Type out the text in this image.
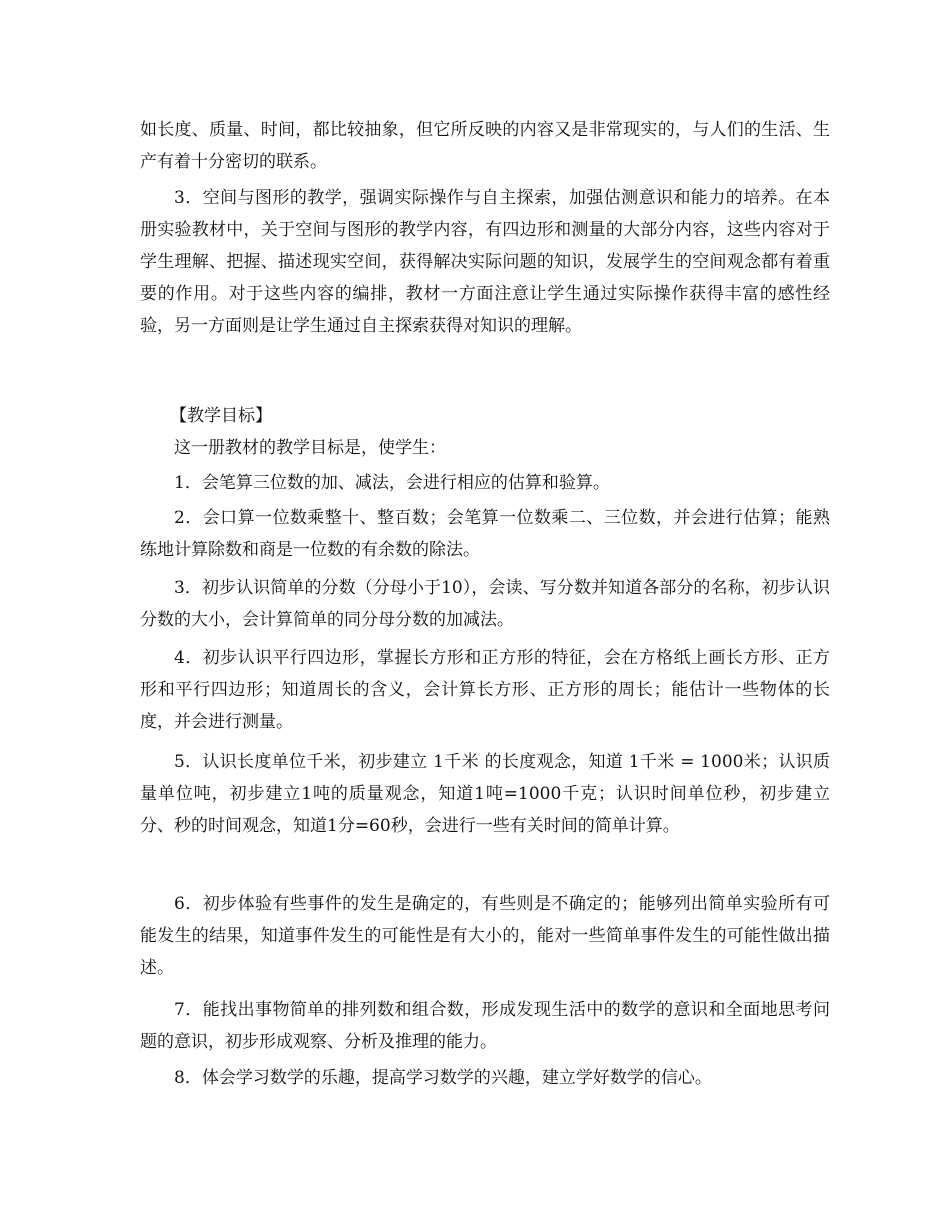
如长度、质量、时间，都比较抽象，但它所反映的内容又是非常现实的，与人们的生活、生产有着十分密切的联系。

3．空间与图形的教学，强调实际操作与自主探索，加强估测意识和能力的培养。在本册实验教材中，关于空间与图形的教学内容，有四边形和测量的大部分内容，这些内容对于学生理解、把握、描述现实空间，获得解决实际问题的知识，发展学生的空间观念都有着重要的作用。对于这些内容的编排，教材一方面注意让学生通过实际操作获得丰富的感性经验，另一方面则是让学生通过自主探索获得对知识的理解。

【教学目标】

这一册教材的教学目标是，使学生：

1．会笔算三位数的加、减法，会进行相应的估算和验算。

2．会口算一位数乘整十、整百数；会笔算一位数乘二、三位数，并会进行估算；能熟练地计算除数和商是一位数的有余数的除法。

3．初步认识简单的分数（分母小于10），会读、写分数并知道各部分的名称，初步认识分数的大小，会计算简单的同分母分数的加减法。

4．初步认识平行四边形，掌握长方形和正方形的特征，会在方格纸上画长方形、正方形和平行四边形；知道周长的含义，会计算长方形、正方形的周长；能估计一些物体的长度，并会进行测量。

5．认识长度单位千米，初步建立 1千米 的长度观念，知道 1千米 = 1000米；认识质量单位吨，初步建立1吨的质量观念，知道1吨=1000千克；认识时间单位秒，初步建立分、秒的时间观念，知道1分=60秒，会进行一些有关时间的简单计算。

6．初步体验有些事件的发生是确定的，有些则是不确定的；能够列出简单实验所有可能发生的结果，知道事件发生的可能性是有大小的，能对一些简单事件发生的可能性做出描述。

7．能找出事物简单的排列数和组合数，形成发现生活中的数学的意识和全面地思考问题的意识，初步形成观察、分析及推理的能力。

8．体会学习数学的乐趣，提高学习数学的兴趣，建立学好数学的信心。
